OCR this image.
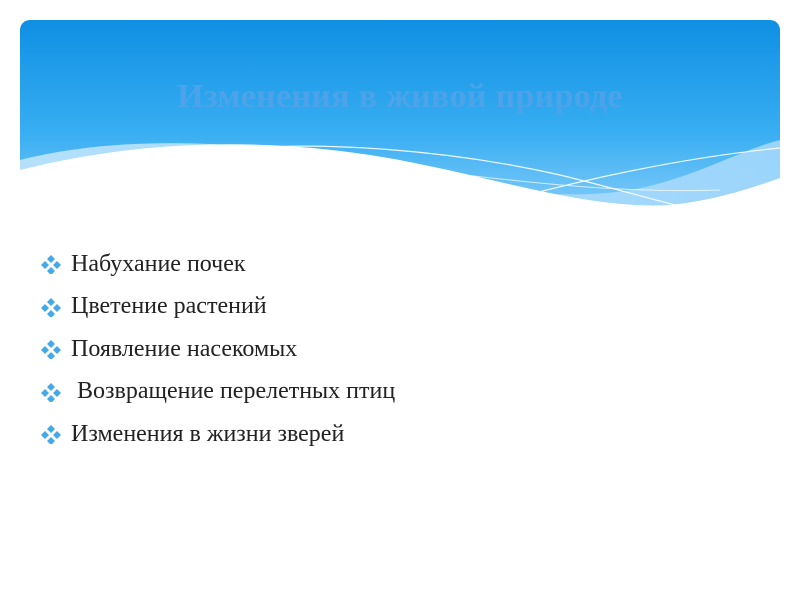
Изменения в живой природе
Набухание почек
Цветение растений
Появление насекомых
Возвращение перелетных птиц
Изменения в жизни зверей
